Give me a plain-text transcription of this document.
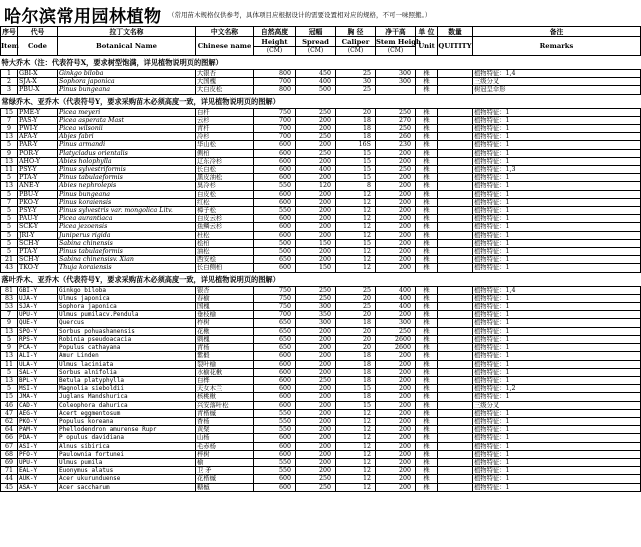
哈尔滨常用园林植物 （常用苗木规格仅供参考，具体项目应根据设计的需要设置相对应的规格，不可一味照搬。）
序号	代号	拉丁文名称	中文名称	自然高度	冠幅	胸 径	净干高	单 位	数量	备注
Item	Code	Botanical Name	Chinese name	Height	Spread	Caliper	Stem Heigh	Unit	QUITITY	Remarks
				(CM)	(CM)	(CM)	(CM)			
特大乔木（注：代表符号X，要求树型饱满，详见植物说明页的图解）										
1	GBI-X	Ginkgo biloba	大银杏	800	450	25	300	株		植物特征：1,4
2	SJA-X	Sophora japonica	大国槐	700	400	30	300	株		三级分叉
3	PBU-X	Pinus bungeana	大白皮松	800	500	25		株		树冠呈伞形
常绿乔木、亚乔木（代表符号Y，要求采购苗木必须高度一致，详见植物说明页的图解）										
15	PME-Y	Picea meyeri	白杆	750	250	20	250	株		植物特征：1
7	PAS-Y	Picea asperata Mast	云杉	700	200	18	270	株		植物特征：1
9	PWI-Y	Picea wilsonii	青杆	700	200	18	250	株		植物特征：1
13	AFA-Y	Abjes fabri	冷杉	700	250	18	260	株		植物特征：1
5	PAR-Y	Pinus armandi	华山松	600	200	16S	230	株		植物特征：1
9	POR-Y	Platycladus orientalis	侧柏	600	250	15	200	株		植物特征：1
13	AHO-Y	Abies holophylla	辽东冷杉	600	200	15	200	株		植物特征：1
11	PSY-Y	Pinus sylvestriformis	长白松	600	400	15	250	株		植物特征：1,3
5	PTA-Y	Pinus tabulaeformis	黑皮油松	600	200	15	200	株		植物特征：1
13	ANE-Y	Abies nephrolepis	臭冷杉	550	120	8	200	株		植物特征：1
5	PBU-Y	Pinus bungeana	白皮松	600	200	12	200	株		植物特征：1
7	PKO-Y	Pinus koraiensis	红松	600	200	12	200	株		植物特征：1
5	PSY-Y	Pinus sylvestris var. mongolica Litv.	樟子松	550	200	12	200	株		植物特征：1
5	PAU-Y	Picea aurantiaca	白皮云杉	600	200	12	200	株		植物特征：1
5	SCK-Y	Picea jezoensis	鱼鳞云杉	600	200	12	200	株		植物特征：1
5	JRI-Y	Juniperus rigida	杜松	600	200	12	200	株		植物特征：1
5	SCH-Y	Sabina chinensis	桧柏	500	150	15	200	株		植物特征：1
5	PTA-Y	Pinus tabulaeformis	油松	500	200	12	200	株		植物特征：1
21	SCH-Y	Sabina chinensisv. Xian	西安桧	650	200	12	200	株		植物特征：1
43	TKO-Y	Thuja koraiensis	长白侧柏	600	150	12	200	株		植物特征：1
落叶乔木、亚乔木（代表符号Y，要求采购苗木必须高度一致，详见植物说明页的图解）										
81	GBI-Y	Ginkgo biloba	银杏	750	250	25	400	株		植物特征：1,4
83	UJA-Y	Ulmus japonica	春榆	750	250	20	400	株		植物特征：1
53	SJA-Y	Sophora japonica	国槐	750	300	25	400	株		植物特征：1
7	UPU-Y	Ulmus pumilacv.Pendula	垂枝榆	700	350	20	200	株		植物特征：1
9	QUE-Y	Quercus	柞树	650	300	18	300	株		植物特征：1
13	SPO-Y	Sorbus pohuashanensis	花楸	650	200	20	250	株		植物特征：1
5	RPS-Y	Robinia pseudoacacia	刺槐	650	200	20	2600	株		植物特征：1
9	PCA-Y	Populus cathayana	青杨	650	200	20	2600	株		植物特征：1
13	ALI-Y	Amur Linden	紫椴	600	200	18	200	株		植物特征：1
11	ULA-Y	Ulmus laciniata	裂叶榆	600	200	18	200	株		植物特征：1
5	SAL-Y	Sorbus alnifolia	水榆花楸	600	200	18	200	株		植物特征：1
13	BPL-Y	Betula platyphylla	白桦	600	250	18	200	株		植物特征：1
5	MSI-Y	Magnolia sieboldii	天女木兰	600	200	15	200	株		植物特征：1,2
15	JMA-Y	Juglans Mandshurica	核桃楸	600	200	18	200	株		植物特征：1
46	CAD-Y	Coleophora dahurica	兴安落叶松	600	200	15	200	株		三级分叉
47	AEG-Y	Acert eggmentosum	青楷槭	550	200	12	200	株		植物特征：1
62	PKO-Y	Populus koreana	香杨	550	200	12	200	株		植物特征：1
64	PAM-Y	Phellodendron amurense Rupr	黄檗	550	200	12	200	株		植物特征：1
66	PDA-Y	P opulus davidiana	山杨	600	200	12	200	株		植物特征：1
67	ASI-Y	Alnus sibirica	毛赤杨	600	200	12	200	株		植物特征：1
68	PFO-Y	Paulownia fortunei	梓树	600	200	12	200	株		植物特征：1
69	UPU-Y	Ulmus pumila	榆	550	200	12	200	株		植物特征：1
71	EAL-Y	Euonymus alatus	卫 矛	550	200	12	200	株		植物特征：1
44	AUK-Y	Acer ukurunduense	花楷槭	600	250	12	200	株		植物特征：1
45	ASA-Y	Acer saccharum	糖槭	600	250	12	200	株		植物特征：1
